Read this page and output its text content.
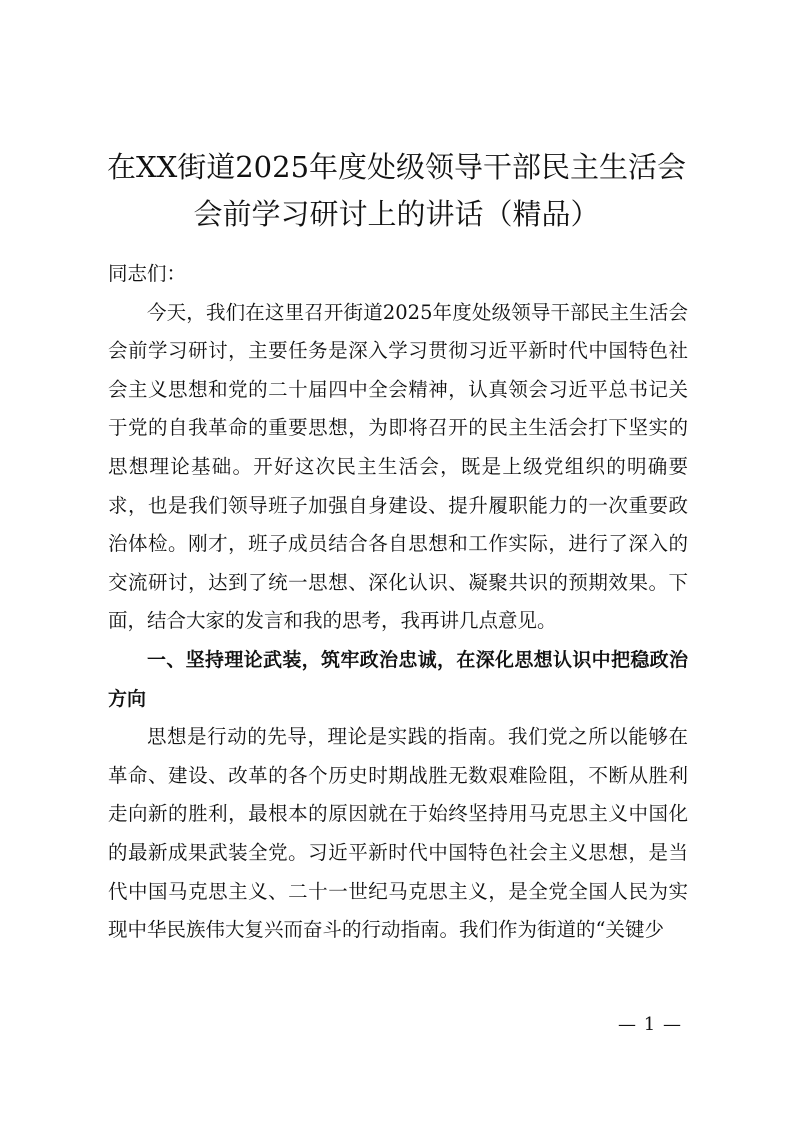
在XX街道2025年度处级领导干部民主生活会
会前学习研讨上的讲话（精品）

同志们：

今天，我们在这里召开街道2025年度处级领导干部民主生活会会前学习研讨，主要任务是深入学习贯彻习近平新时代中国特色社会主义思想和党的二十届四中全会精神，认真领会习近平总书记关于党的自我革命的重要思想，为即将召开的民主生活会打下坚实的思想理论基础。开好这次民主生活会，既是上级党组织的明确要求，也是我们领导班子加强自身建设、提升履职能力的一次重要政治体检。刚才，班子成员结合各自思想和工作实际，进行了深入的交流研讨，达到了统一思想、深化认识、凝聚共识的预期效果。下面，结合大家的发言和我的思考，我再讲几点意见。

一、坚持理论武装，筑牢政治忠诚，在深化思想认识中把稳政治方向

思想是行动的先导，理论是实践的指南。我们党之所以能够在革命、建设、改革的各个历史时期战胜无数艰难险阻，不断从胜利走向新的胜利，最根本的原因就在于始终坚持用马克思主义中国化的最新成果武装全党。习近平新时代中国特色社会主义思想，是当代中国马克思主义、二十一世纪马克思主义，是全党全国人民为实现中华民族伟大复兴而奋斗的行动指南。我们作为街道的“关键少

— 1 —
